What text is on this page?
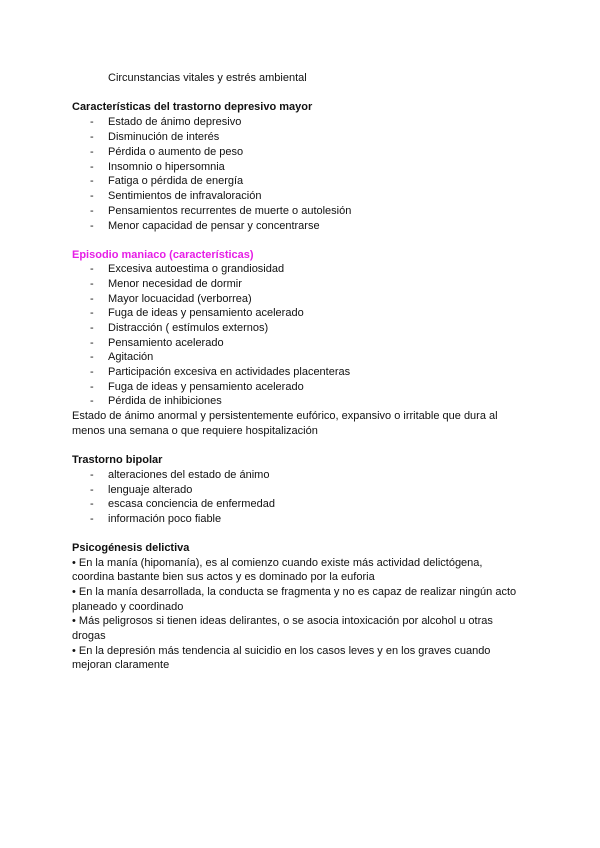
Circunstancias vitales y estrés ambiental
Características del trastorno depresivo mayor
- Estado de ánimo depresivo
- Disminución de interés
- Pérdida o aumento de peso
- Insomnio o hipersomnia
- Fatiga o pérdida de energía
- Sentimientos de infravaloración
- Pensamientos recurrentes de muerte o autolesión
- Menor capacidad de pensar y concentrarse
Episodio maniaco (características)
- Excesiva autoestima o grandiosidad
- Menor necesidad de dormir
- Mayor locuacidad (verborrea)
- Fuga de ideas y pensamiento acelerado
- Distracción ( estímulos externos)
- Pensamiento acelerado
- Agitación
- Participación excesiva en actividades placenteras
- Fuga de ideas y pensamiento acelerado
- Pérdida de inhibiciones
Estado de ánimo anormal y persistentemente eufórico, expansivo o irritable que dura al
menos una semana o que requiere hospitalización
Trastorno bipolar
- alteraciones del estado de ánimo
- lenguaje alterado
- escasa conciencia de enfermedad
- información poco fiable
Psicogénesis delictiva
• En la manía (hipomanía), es al comienzo cuando existe más actividad delictógena,
coordina bastante bien sus actos y es dominado por la euforia
• En la manía desarrollada, la conducta se fragmenta y no es capaz de realizar ningún acto
planeado y coordinado
• Más peligrosos si tienen ideas delirantes, o se asocia intoxicación por alcohol u otras
drogas
• En la depresión más tendencia al suicidio en los casos leves y en los graves cuando
mejoran claramente
